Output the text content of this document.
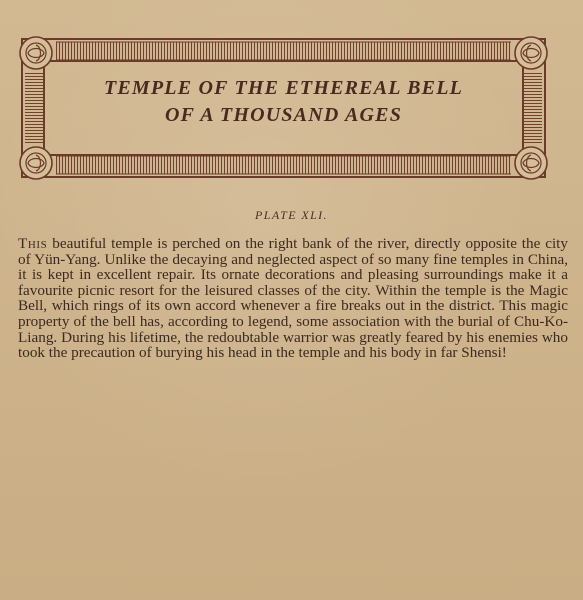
TEMPLE OF THE ETHEREAL BELL
OF A THOUSAND AGES
PLATE XLI.

This beautiful temple is perched on the right bank of the river, directly opposite the city of Yün-Yang. Unlike the decaying and neglected aspect of so many fine temples in China, it is kept in excellent repair. Its ornate decorations and pleasing surroundings make it a favourite picnic resort for the leisured classes of the city. Within the temple is the Magic Bell, which rings of its own accord whenever a fire breaks out in the district. This magic property of the bell has, according to legend, some association with the burial of Chu-Ko-Liang. During his lifetime, the redoubtable warrior was greatly feared by his enemies who took the precaution of burying his head in the temple and his body in far Shensi!
